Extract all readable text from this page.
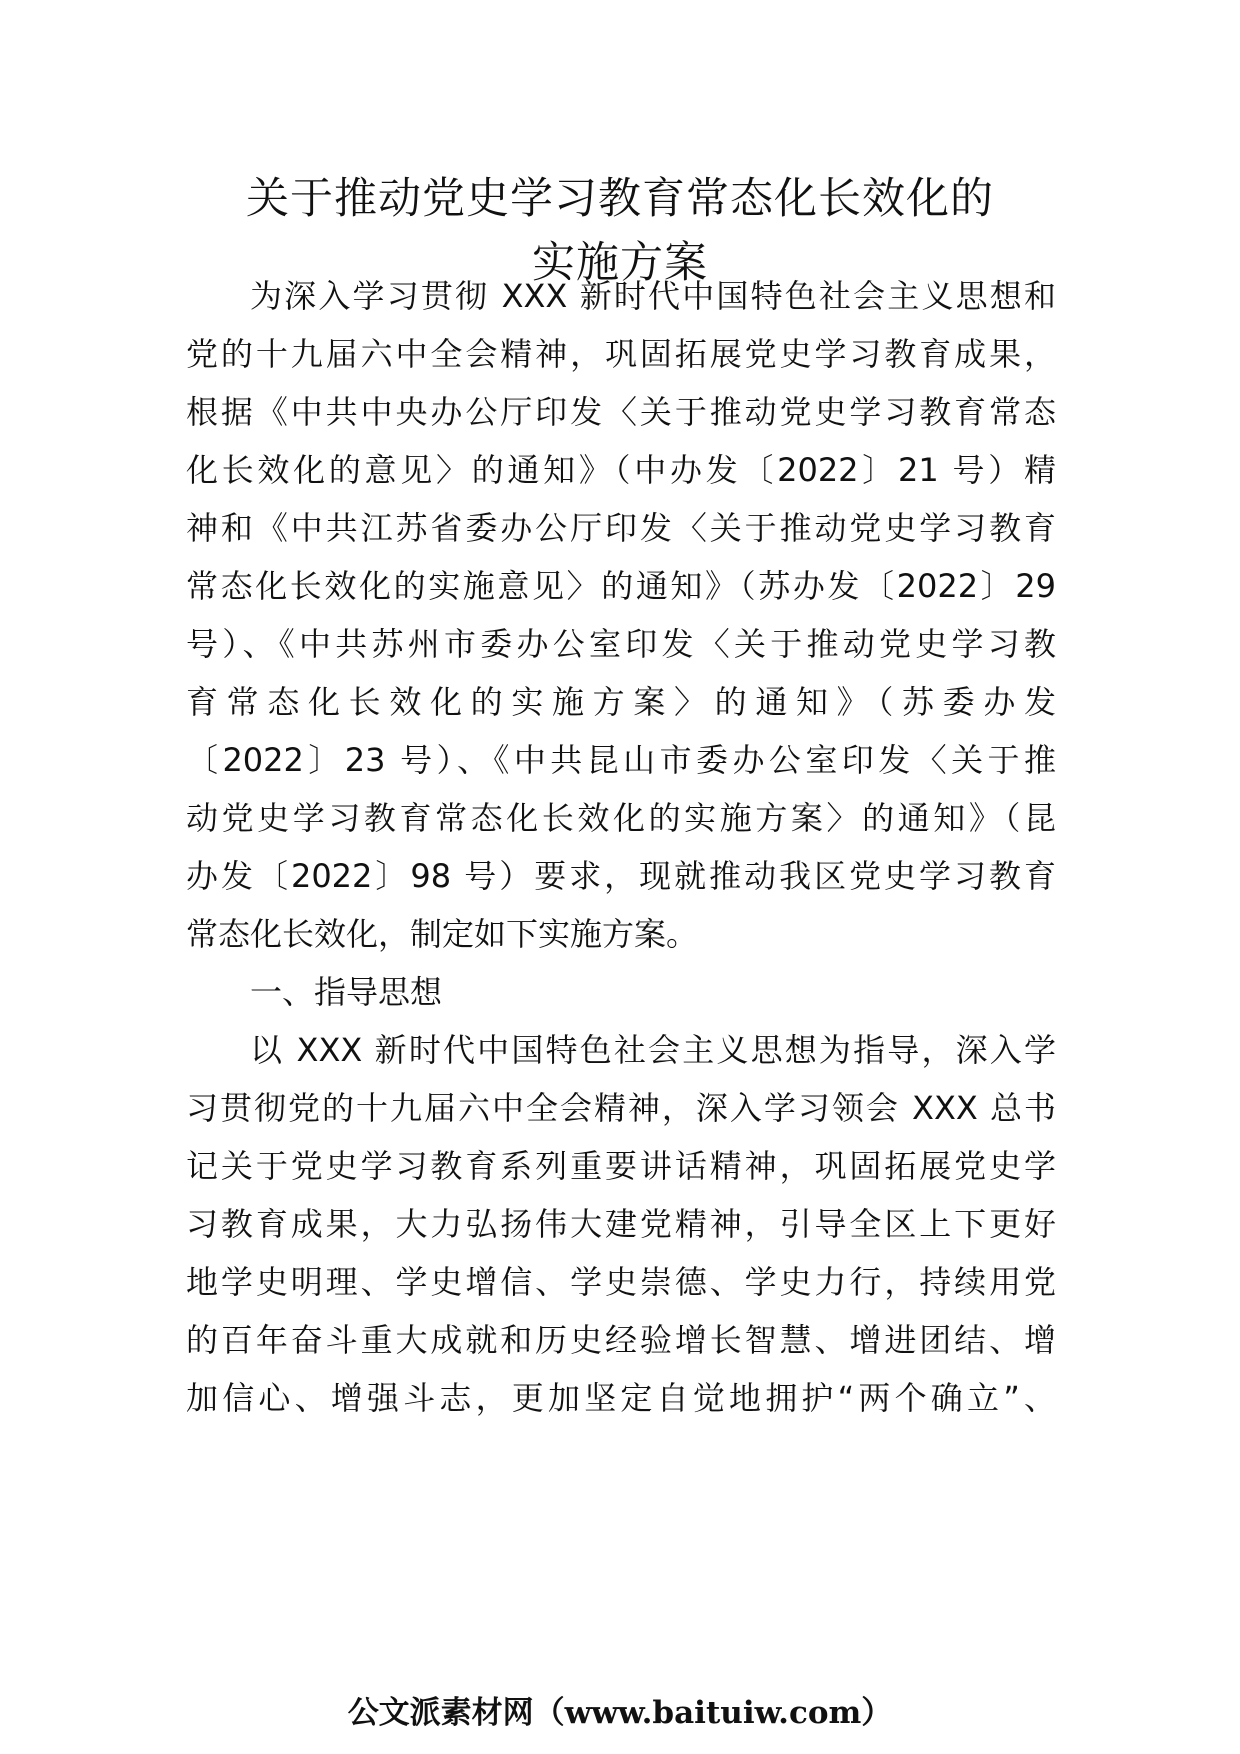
关于推动党史学习教育常态化长效化的
实施方案

为深入学习贯彻 XXX 新时代中国特色社会主义思想和

党的十九届六中全会精神，巩固拓展党史学习教育成果，

根据《中共中央办公厅印发〈关于推动党史学习教育常态

化长效化的意见〉的通知》（中办发〔2022〕21 号）精

神和《中共江苏省委办公厅印发〈关于推动党史学习教育

常态化长效化的实施意见〉的通知》（苏办发〔2022〕29

号）、《中共苏州市委办公室印发〈关于推动党史学习教

育常态化长效化的实施方案〉的通知》（苏委办发

〔2022〕23 号）、《中共昆山市委办公室印发〈关于推

动党史学习教育常态化长效化的实施方案〉的通知》（昆

办发〔2022〕98 号）要求，现就推动我区党史学习教育

常态化长效化，制定如下实施方案。

一、指导思想

以 XXX 新时代中国特色社会主义思想为指导，深入学

习贯彻党的十九届六中全会精神，深入学习领会 XXX 总书

记关于党史学习教育系列重要讲话精神，巩固拓展党史学

习教育成果，大力弘扬伟大建党精神，引导全区上下更好

地学史明理、学史增信、学史崇德、学史力行，持续用党

的百年奋斗重大成就和历史经验增长智慧、增进团结、增

加信心、增强斗志，更加坚定自觉地拥护“两个确立”、

公文派素材网（www.baituiw.com）
